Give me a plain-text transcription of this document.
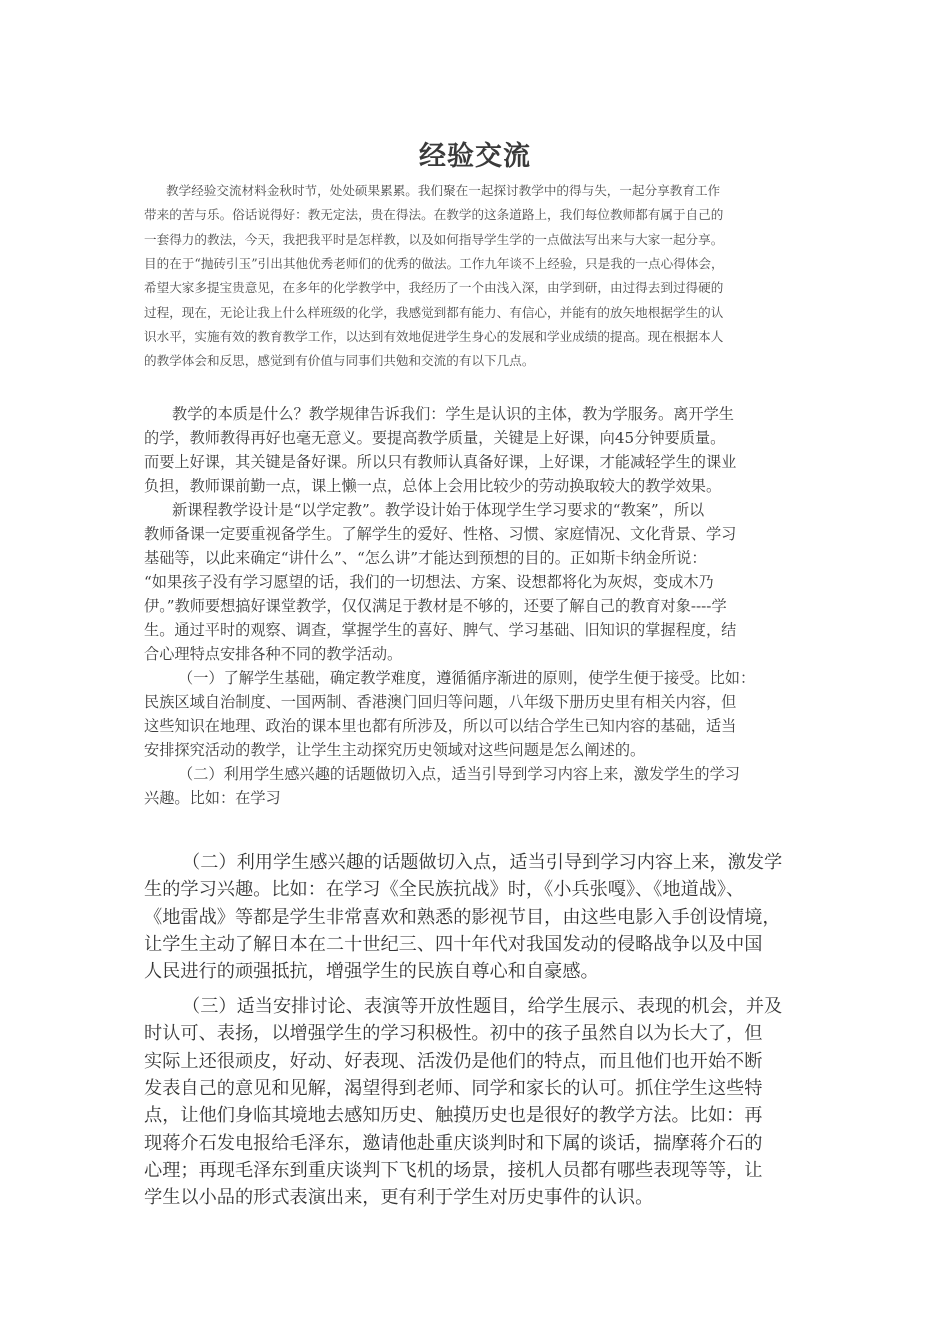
经验交流
教学经验交流材料金秋时节，处处硕果累累。我们聚在一起探讨教学中的得与失，一起分享教育工作
带来的苦与乐。俗话说得好：教无定法，贵在得法。在教学的这条道路上，我们每位教师都有属于自己的
一套得力的教法，今天，我把我平时是怎样教，以及如何指导学生学的一点做法写出来与大家一起分享。
目的在于“抛砖引玉”引出其他优秀老师们的优秀的做法。工作九年谈不上经验，只是我的一点心得体会，
希望大家多提宝贵意见，在多年的化学教学中，我经历了一个由浅入深，由学到研，由过得去到过得硬的
过程，现在，无论让我上什么样班级的化学，我感觉到都有能力、有信心，并能有的放矢地根据学生的认
识水平，实施有效的教育教学工作，以达到有效地促进学生身心的发展和学业成绩的提高。现在根据本人
的教学体会和反思，感觉到有价值与同事们共勉和交流的有以下几点。
教学的本质是什么？教学规律告诉我们：学生是认识的主体，教为学服务。离开学生
的学，教师教得再好也毫无意义。要提高教学质量，关键是上好课，向45分钟要质量。
而要上好课，其关键是备好课。所以只有教师认真备好课，上好课，才能减轻学生的课业
负担，教师课前勤一点，课上懒一点，总体上会用比较少的劳动换取较大的教学效果。
新课程教学设计是“以学定教”。教学设计始于体现学生学习要求的“教案”，所以
教师备课一定要重视备学生。了解学生的爱好、性格、习惯、家庭情况、文化背景、学习
基础等，以此来确定“讲什么”、“怎么讲”才能达到预想的目的。正如斯卡纳金所说：
“如果孩子没有学习愿望的话，我们的一切想法、方案、设想都将化为灰烬，变成木乃
伊。”教师要想搞好课堂教学，仅仅满足于教材是不够的，还要了解自己的教育对象----学
生。通过平时的观察、调查，掌握学生的喜好、脾气、学习基础、旧知识的掌握程度，结
合心理特点安排各种不同的教学活动。
（一）了解学生基础，确定教学难度，遵循循序渐进的原则，使学生便于接受。比如：
民族区域自治制度、一国两制、香港澳门回归等问题，八年级下册历史里有相关内容，但
这些知识在地理、政治的课本里也都有所涉及，所以可以结合学生已知内容的基础，适当
安排探究活动的教学，让学生主动探究历史领域对这些问题是怎么阐述的。
（二）利用学生感兴趣的话题做切入点，适当引导到学习内容上来，激发学生的学习
兴趣。比如：在学习
（二）利用学生感兴趣的话题做切入点，适当引导到学习内容上来，激发学
生的学习兴趣。比如：在学习《全民族抗战》时，《小兵张嘎》、《地道战》、
《地雷战》等都是学生非常喜欢和熟悉的影视节目，由这些电影入手创设情境，
让学生主动了解日本在二十世纪三、四十年代对我国发动的侵略战争以及中国
人民进行的顽强抵抗，增强学生的民族自尊心和自豪感。
（三）适当安排讨论、表演等开放性题目，给学生展示、表现的机会，并及
时认可、表扬，以增强学生的学习积极性。初中的孩子虽然自以为长大了，但
实际上还很顽皮，好动、好表现、活泼仍是他们的特点，而且他们也开始不断
发表自己的意见和见解，渴望得到老师、同学和家长的认可。抓住学生这些特
点，让他们身临其境地去感知历史、触摸历史也是很好的教学方法。比如：再
现蒋介石发电报给毛泽东，邀请他赴重庆谈判时和下属的谈话，揣摩蒋介石的
心理；再现毛泽东到重庆谈判下飞机的场景，接机人员都有哪些表现等等，让
学生以小品的形式表演出来，更有利于学生对历史事件的认识。
